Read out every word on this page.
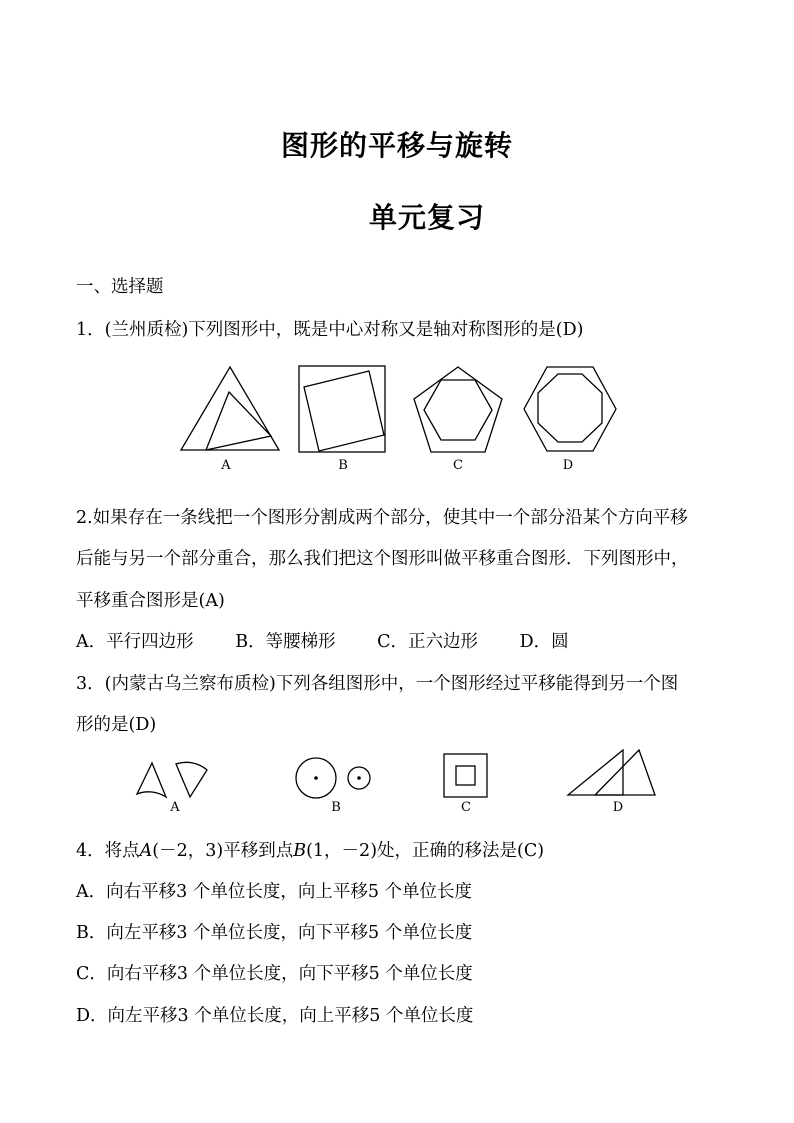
图形的平移与旋转
单元复习
一、选择题
1．(兰州质检)下列图形中，既是中心对称又是轴对称图形的是(D)
A	B	C	D
2.如果存在一条线把一个图形分割成两个部分，使其中一个部分沿某个方向平移
后能与另一个部分重合，那么我们把这个图形叫做平移重合图形．下列图形中，
平移重合图形是(A)
A．平行四边形 B．等腰梯形 C．正六边形 D．圆
3．(内蒙古乌兰察布质检)下列各组图形中，一个图形经过平移能得到另一个图
形的是(D)
A	B	C	D
4．将点A(－2，3)平移到点B(1，－2)处，正确的移法是(C)
A．向右平移3 个单位长度，向上平移5 个单位长度
B．向左平移3 个单位长度，向下平移5 个单位长度
C．向右平移3 个单位长度，向下平移5 个单位长度
D．向左平移3 个单位长度，向上平移5 个单位长度
